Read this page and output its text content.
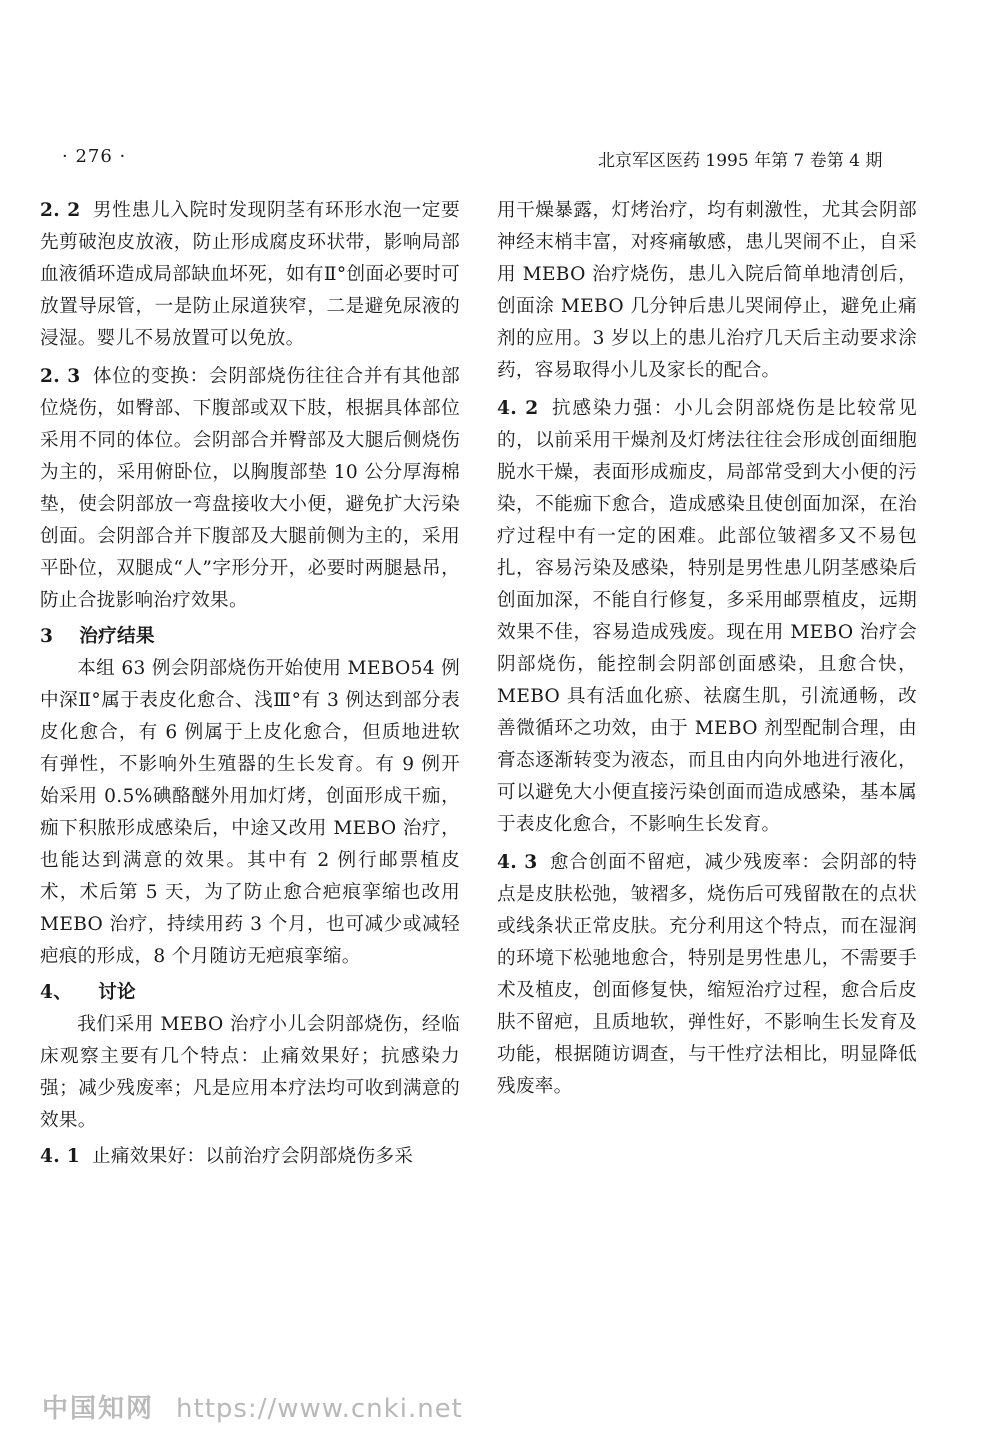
· 276 ·	北京军区医药 1995 年第 7 卷第 4 期

2. 2 男性患儿入院时发现阴茎有环形水泡一定要先剪破泡皮放液，防止形成腐皮环状带，影响局部血液循环造成局部缺血坏死，如有Ⅱ°创面必要时可放置导尿管，一是防止尿道狭窄，二是避免尿液的浸湿。婴儿不易放置可以免放。

2. 3 体位的变换：会阴部烧伤往往合并有其他部位烧伤，如臀部、下腹部或双下肢，根据具体部位采用不同的体位。会阴部合并臀部及大腿后侧烧伤为主的，采用俯卧位，以胸腹部垫 10 公分厚海棉垫，使会阴部放一弯盘接收大小便，避免扩大污染创面。会阴部合并下腹部及大腿前侧为主的，采用平卧位，双腿成“人”字形分开，必要时两腿悬吊，防止合拢影响治疗效果。

3 治疗结果

本组 63 例会阴部烧伤开始使用 MEBO54 例中深Ⅱ°属于表皮化愈合、浅Ⅲ°有 3 例达到部分表皮化愈合，有 6 例属于上皮化愈合，但质地进软有弹性，不影响外生殖器的生长发育。有 9 例开始采用 0.5%碘酪醚外用加灯烤，创面形成干痂，痂下积脓形成感染后，中途又改用 MEBO 治疗，也能达到满意的效果。其中有 2 例行邮票植皮术，术后第 5 天，为了防止愈合疤痕挛缩也改用 MEBO 治疗，持续用药 3 个月，也可减少或减轻疤痕的形成，8 个月随访无疤痕挛缩。

4、 讨论

我们采用 MEBO 治疗小儿会阴部烧伤，经临床观察主要有几个特点：止痛效果好；抗感染力强；减少残废率；凡是应用本疗法均可收到满意的效果。

4. 1 止痛效果好：以前治疗会阴部烧伤多采

用干燥暴露，灯烤治疗，均有刺激性，尤其会阴部神经末梢丰富，对疼痛敏感，患儿哭闹不止，自采用 MEBO 治疗烧伤，患儿入院后简单地清创后，创面涂 MEBO 几分钟后患儿哭闹停止，避免止痛剂的应用。3 岁以上的患儿治疗几天后主动要求涂药，容易取得小儿及家长的配合。

4. 2 抗感染力强：小儿会阴部烧伤是比较常见的，以前采用干燥剂及灯烤法往往会形成创面细胞脱水干燥，表面形成痂皮，局部常受到大小便的污染，不能痂下愈合，造成感染且使创面加深，在治疗过程中有一定的困难。此部位皱褶多又不易包扎，容易污染及感染，特别是男性患儿阴茎感染后创面加深，不能自行修复，多采用邮票植皮，远期效果不佳，容易造成残废。现在用 MEBO 治疗会阴部烧伤，能控制会阴部创面感染，且愈合快，MEBO 具有活血化瘀、祛腐生肌，引流通畅，改善微循环之功效，由于 MEBO 剂型配制合理，由膏态逐渐转变为液态，而且由内向外地进行液化，可以避免大小便直接污染创面而造成感染，基本属于表皮化愈合，不影响生长发育。

4. 3 愈合创面不留疤，减少残废率：会阴部的特点是皮肤松弛，皱褶多，烧伤后可残留散在的点状或线条状正常皮肤。充分利用这个特点，而在湿润的环境下松驰地愈合，特别是男性患儿，不需要手术及植皮，创面修复快，缩短治疗过程，愈合后皮肤不留疤，且质地软，弹性好，不影响生长发育及功能，根据随访调查，与干性疗法相比，明显降低残废率。

中国知网 https://www.cnki.net
